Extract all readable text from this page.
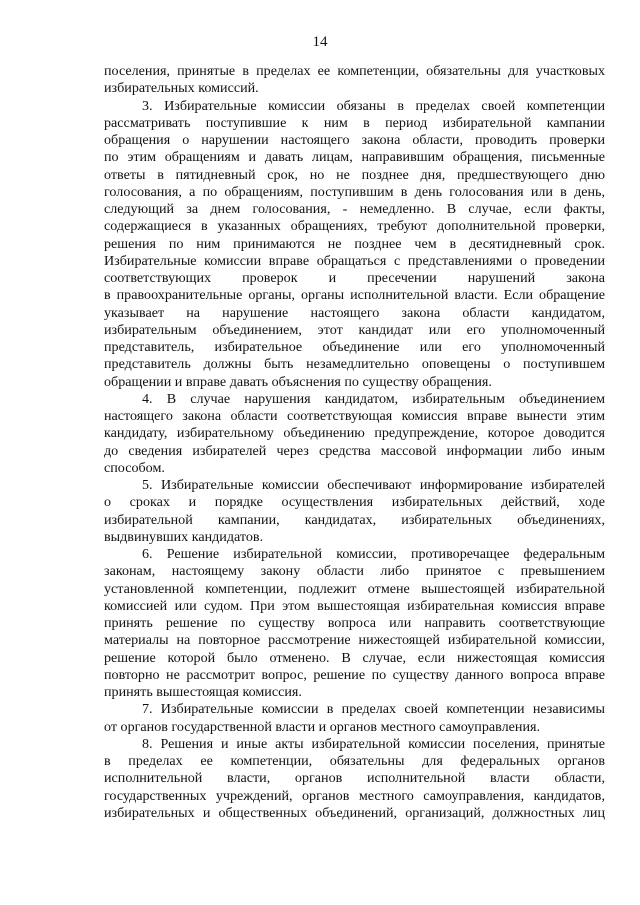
14
поселения, принятые в пределах ее компетенции, обязательны для участковых
избирательных комиссий.
3. Избирательные комиссии обязаны в пределах своей компетенции
рассматривать поступившие к ним в период избирательной кампании
обращения о нарушении настоящего закона области, проводить проверки
по этим обращениям и давать лицам, направившим обращения, письменные
ответы в пятидневный срок, но не позднее дня, предшествующего дню
голосования, а по обращениям, поступившим в день голосования или в день,
следующий за днем голосования, - немедленно. В случае, если факты,
содержащиеся в указанных обращениях, требуют дополнительной проверки,
решения по ним принимаются не позднее чем в десятидневный срок.
Избирательные комиссии вправе обращаться с представлениями о проведении
соответствующих проверок и пресечении нарушений закона
в правоохранительные органы, органы исполнительной власти. Если обращение
указывает на нарушение настоящего закона области кандидатом,
избирательным объединением, этот кандидат или его уполномоченный
представитель, избирательное объединение или его уполномоченный
представитель должны быть незамедлительно оповещены о поступившем
обращении и вправе давать объяснения по существу обращения.
4. В случае нарушения кандидатом, избирательным объединением
настоящего закона области соответствующая комиссия вправе вынести этим
кандидату, избирательному объединению предупреждение, которое доводится
до сведения избирателей через средства массовой информации либо иным
способом.
5. Избирательные комиссии обеспечивают информирование избирателей
о сроках и порядке осуществления избирательных действий, ходе
избирательной кампании, кандидатах, избирательных объединениях,
выдвинувших кандидатов.
6. Решение избирательной комиссии, противоречащее федеральным
законам, настоящему закону области либо принятое с превышением
установленной компетенции, подлежит отмене вышестоящей избирательной
комиссией или судом. При этом вышестоящая избирательная комиссия вправе
принять решение по существу вопроса или направить соответствующие
материалы на повторное рассмотрение нижестоящей избирательной комиссии,
решение которой было отменено. В случае, если нижестоящая комиссия
повторно не рассмотрит вопрос, решение по существу данного вопроса вправе
принять вышестоящая комиссия.
7. Избирательные комиссии в пределах своей компетенции независимы
от органов государственной власти и органов местного самоуправления.
8. Решения и иные акты избирательной комиссии поселения, принятые
в пределах ее компетенции, обязательны для федеральных органов
исполнительной власти, органов исполнительной власти области,
государственных учреждений, органов местного самоуправления, кандидатов,
избирательных и общественных объединений, организаций, должностных лиц
